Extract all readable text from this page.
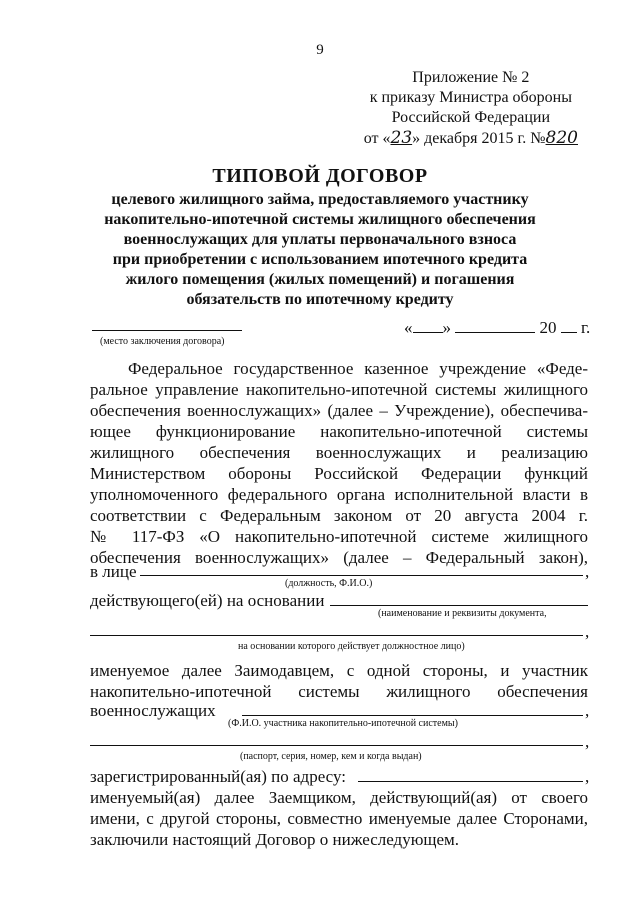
9
Приложение № 2
к приказу Министра обороны
Российской Федерации
от «23» декабря 2015 г. №820
ТИПОВОЙ ДОГОВОР
целевого жилищного займа, предоставляемого участнику
накопительно-ипотечной системы жилищного обеспечения
военнослужащих для уплаты первоначального взноса
при приобретении с использованием ипотечного кредита
жилого помещения (жилых помещений) и погашения
обязательств по ипотечному кредиту
(место заключения договора)
« »	20 г.
Федеральное государственное казенное учреждение «Феде-
ральное управление накопительно-ипотечной системы жилищного
обеспечения военнослужащих» (далее – Учреждение), обеспечива-
ющее функционирование накопительно-ипотечной системы
жилищного обеспечения военнослужащих и реализацию
Министерством обороны Российской Федерации функций
уполномоченного федерального органа исполнительной власти в
соответствии с Федеральным законом от 20 августа 2004 г.
№ 117-ФЗ «О накопительно-ипотечной системе жилищного
обеспечения военнослужащих» (далее – Федеральный закон),
в лице	,
(должность, Ф.И.О.)
действующего(ей) на основании
(наименование и реквизиты документа,
,
на основании которого действует должностное лицо)
именуемое далее Заимодавцем, с одной стороны, и участник
накопительно-ипотечной системы жилищного обеспечения
военнослужащих	,
(Ф.И.О. участника накопительно-ипотечной системы)
,
(паспорт, серия, номер, кем и когда выдан)
зарегистрированный(ая) по адресу:	,
именуемый(ая) далее Заемщиком, действующий(ая) от своего
имени, с другой стороны, совместно именуемые далее Сторонами,
заключили настоящий Договор о нижеследующем.
